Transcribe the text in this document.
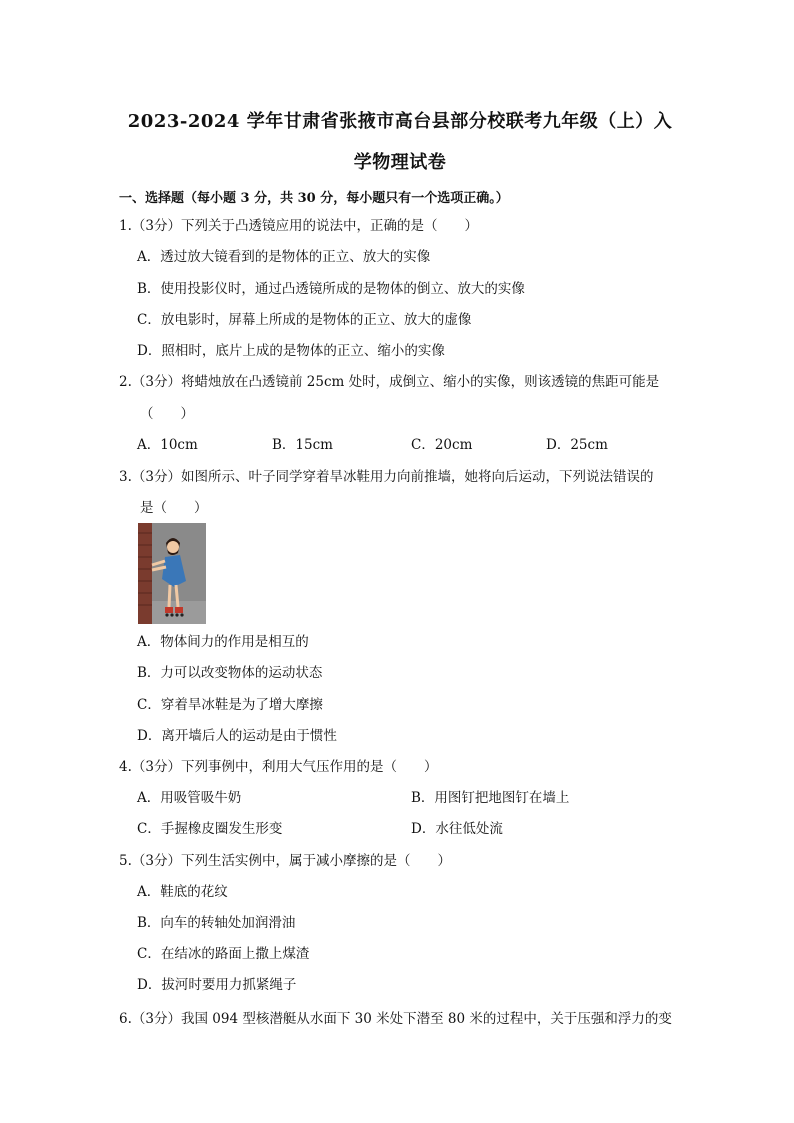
2023-2024 学年甘肃省张掖市高台县部分校联考九年级（上）入
学物理试卷
一、选择题（每小题 3 分，共 30 分，每小题只有一个选项正确。）
1.（3分）下列关于凸透镜应用的说法中，正确的是（　　）
A．透过放大镜看到的是物体的正立、放大的实像
B．使用投影仪时，通过凸透镜所成的是物体的倒立、放大的实像
C．放电影时，屏幕上所成的是物体的正立、放大的虚像
D．照相时，底片上成的是物体的正立、缩小的实像
2.（3分）将蜡烛放在凸透镜前 25cm 处时，成倒立、缩小的实像，则该透镜的焦距可能是
（　　）
A．10cm	B．15cm	C．20cm	D．25cm
3.（3分）如图所示、叶子同学穿着旱冰鞋用力向前推墙，她将向后运动，下列说法错误的
是（　　）
A．物体间力的作用是相互的
B．力可以改变物体的运动状态
C．穿着旱冰鞋是为了增大摩擦
D．离开墙后人的运动是由于惯性
4.（3分）下列事例中，利用大气压作用的是（　　）
A．用吸管吸牛奶	B．用图钉把地图钉在墙上
C．手握橡皮圈发生形变	D．水往低处流
5.（3分）下列生活实例中，属于减小摩擦的是（　　）
A．鞋底的花纹
B．向车的转轴处加润滑油
C．在结冰的路面上撒上煤渣
D．拔河时要用力抓紧绳子
6.（3分）我国 094 型核潜艇从水面下 30 米处下潜至 80 米的过程中，关于压强和浮力的变
